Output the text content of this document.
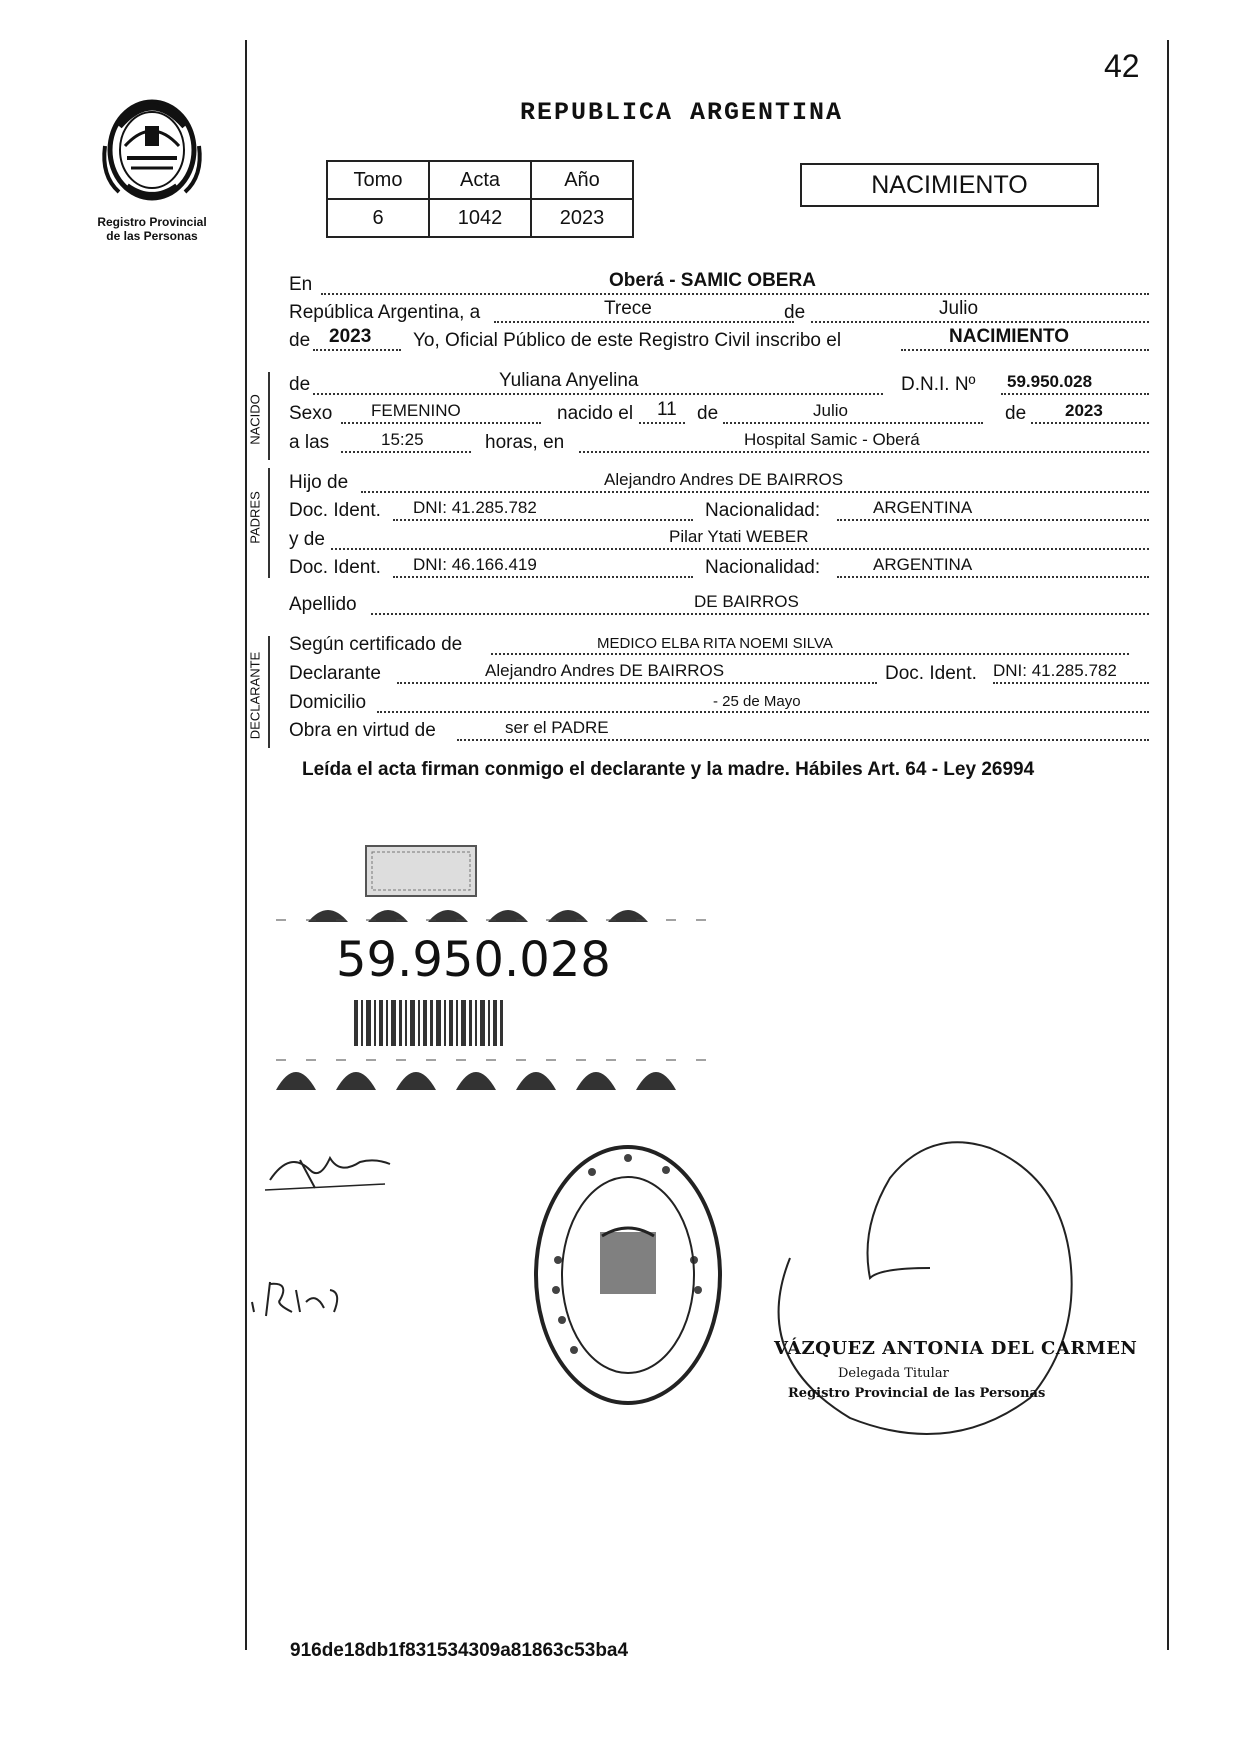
42
Registro Provincial
de las Personas
REPUBLICA ARGENTINA
Tomo	Acta	Año
6	1042	2023
NACIMIENTO
En	Oberá - SAMIC OBERA
República Argentina, a	Trece	de	Julio
de 2023 Yo, Oficial Público de este Registro Civil inscribo el	NACIMIENTO
NACIDO
de	Yuliana Anyelina	D.N.I. Nº 59.950.028
Sexo FEMENINO	nacido el 11 de	Julio	de 2023
a las	15:25	horas, en	Hospital Samic - Oberá
PADRES
Hijo de	Alejandro Andres DE BAIRROS
Doc. Ident. DNI: 41.285.782	Nacionalidad:	ARGENTINA
y de	Pilar Ytati WEBER
Doc. Ident. DNI: 46.166.419	Nacionalidad:	ARGENTINA
Apellido	DE BAIRROS
DECLARANTE
Según certificado de	MEDICO ELBA RITA NOEMI SILVA
Declarante	Alejandro Andres DE BAIRROS	Doc. Ident. DNI: 41.285.782
Domicilio	- 25 de Mayo
Obra en virtud de	ser el PADRE
Leída el acta firman conmigo el declarante y la madre. Hábiles Art. 64 - Ley 26994
59.950.028
VÁZQUEZ ANTONIA DEL CARMEN
Delegada Titular
Registro Provincial de las Personas
916de18db1f831534309a81863c53ba4
